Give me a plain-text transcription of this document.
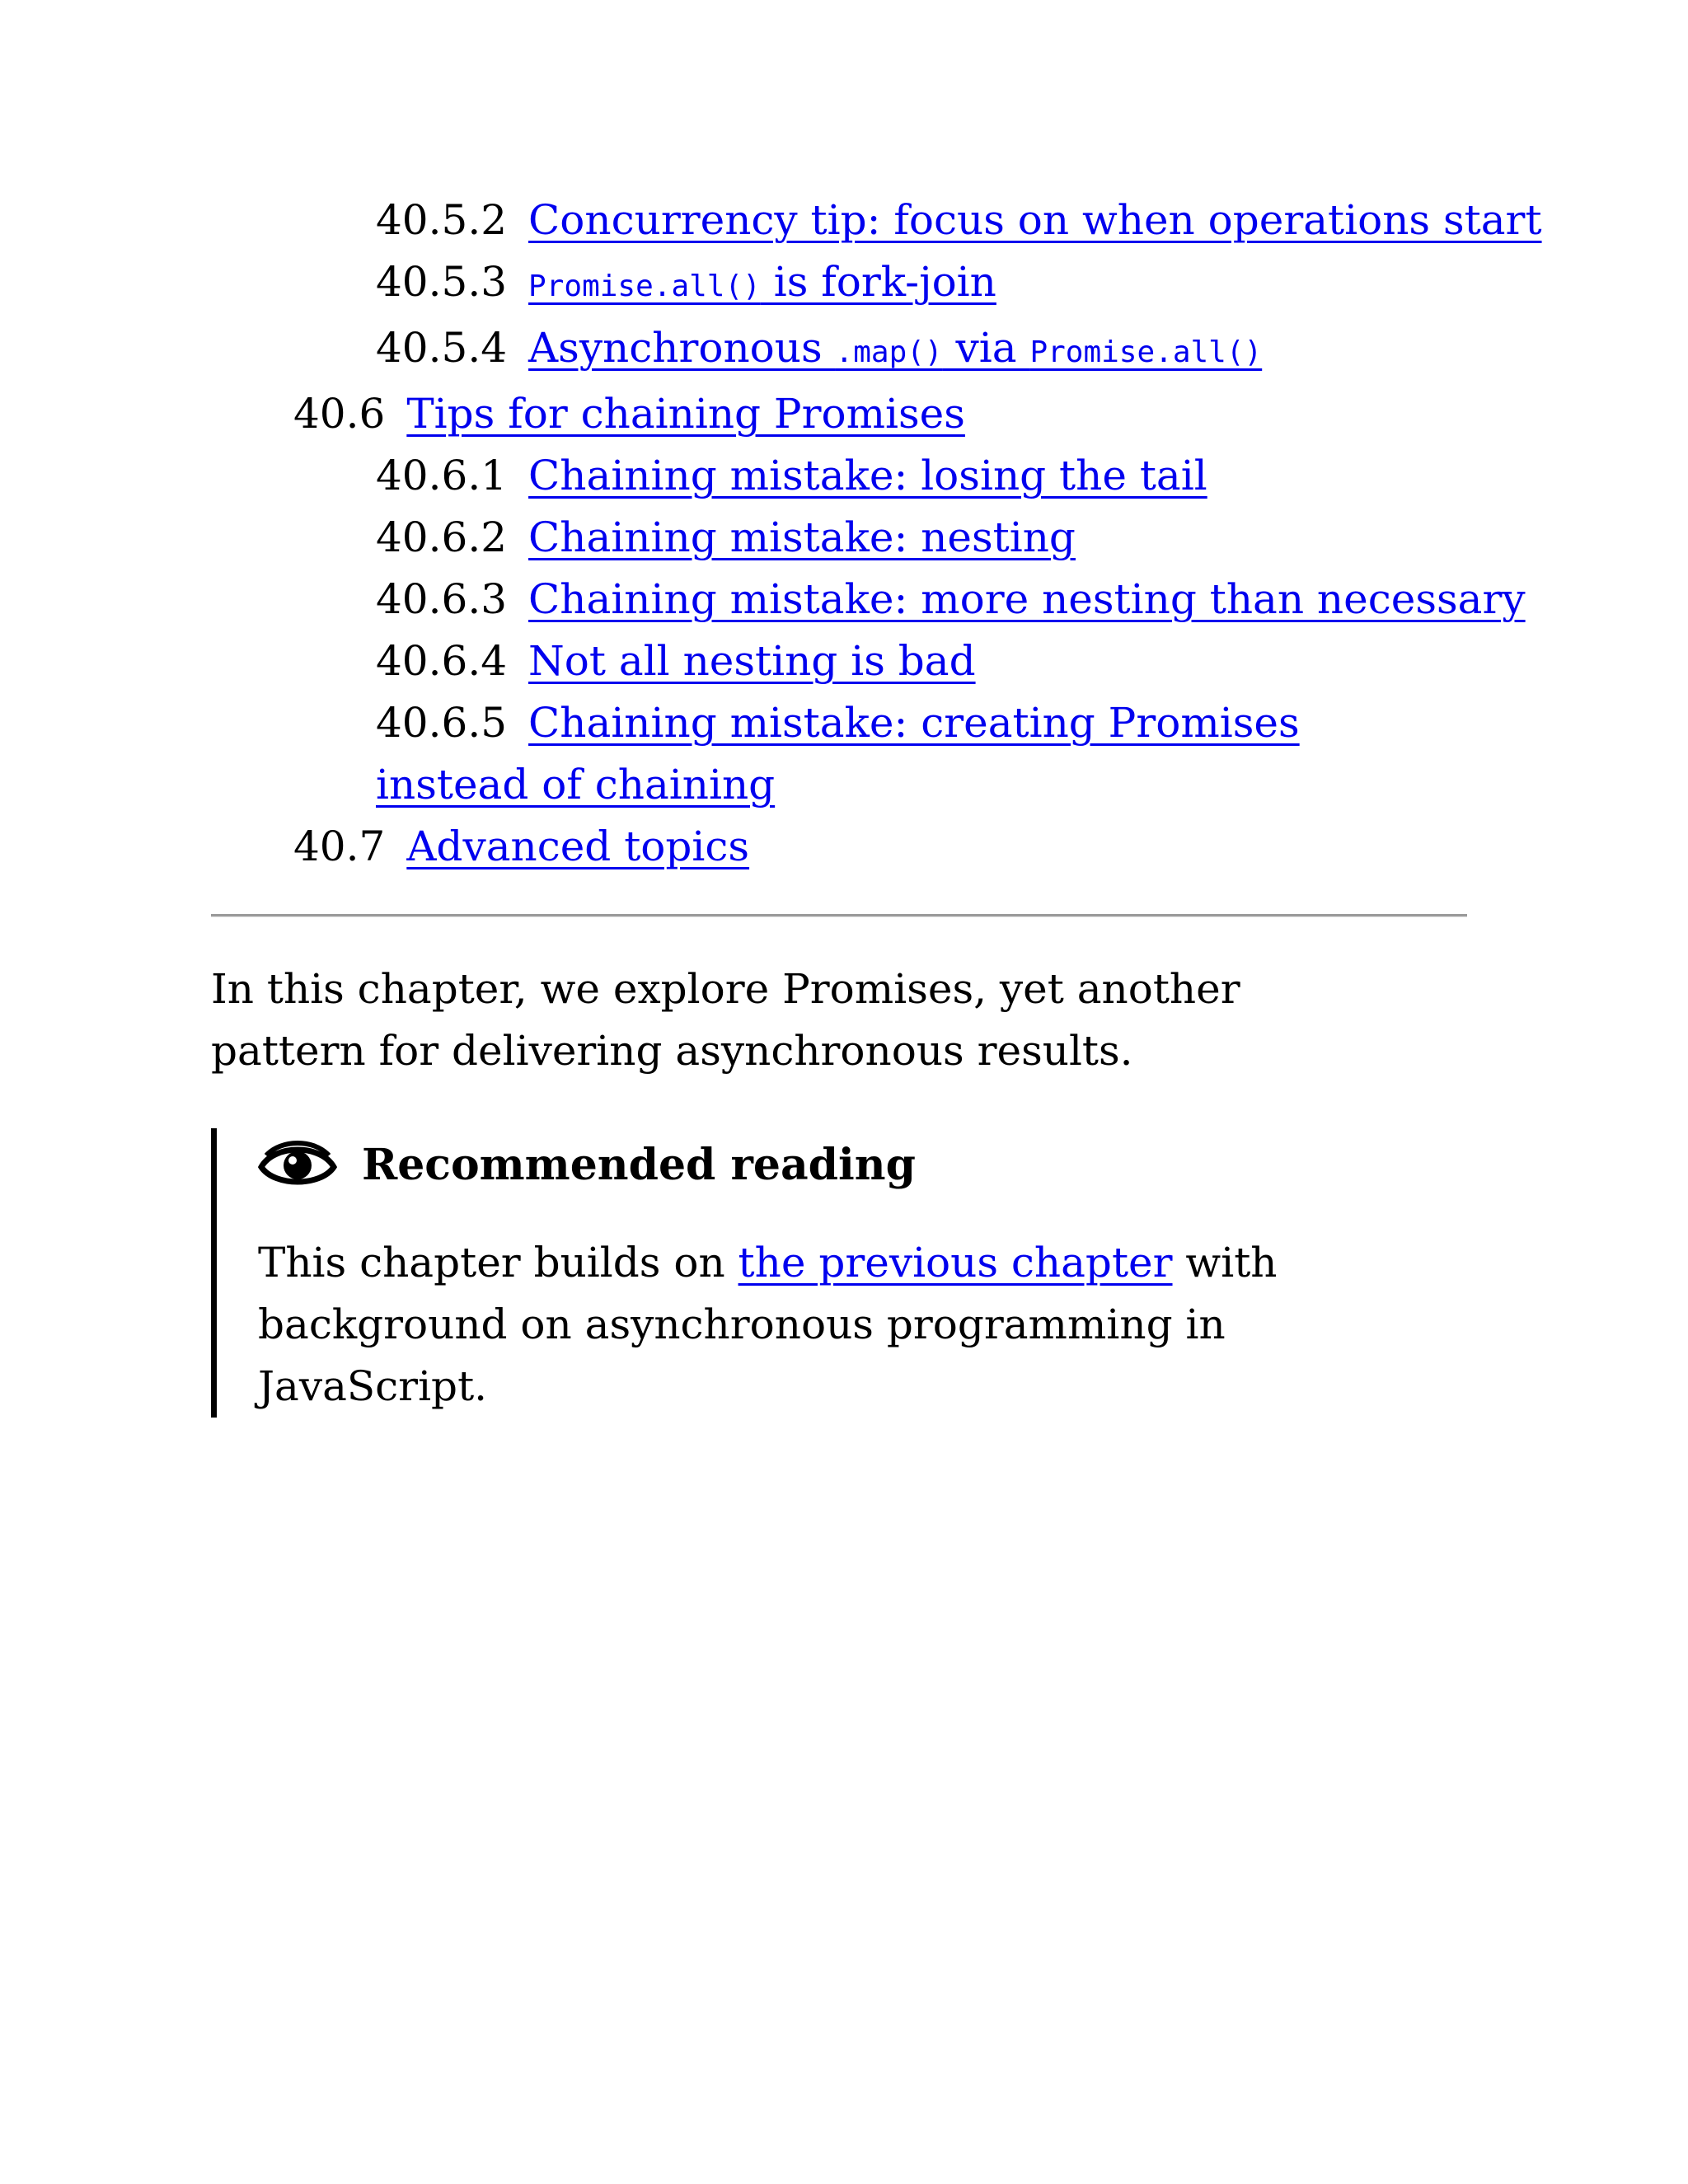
40.5.2 Concurrency tip: focus on when operations start
40.5.3 Promise.all() is fork-join
40.5.4 Asynchronous .map() via Promise.all()
40.6 Tips for chaining Promises
40.6.1 Chaining mistake: losing the tail
40.6.2 Chaining mistake: nesting
40.6.3 Chaining mistake: more nesting than necessary
40.6.4 Not all nesting is bad
40.6.5 Chaining mistake: creating Promises instead of chaining
40.7 Advanced topics

In this chapter, we explore Promises, yet another pattern for delivering asynchronous results.

Recommended reading

This chapter builds on the previous chapter with background on asynchronous programming in JavaScript.
